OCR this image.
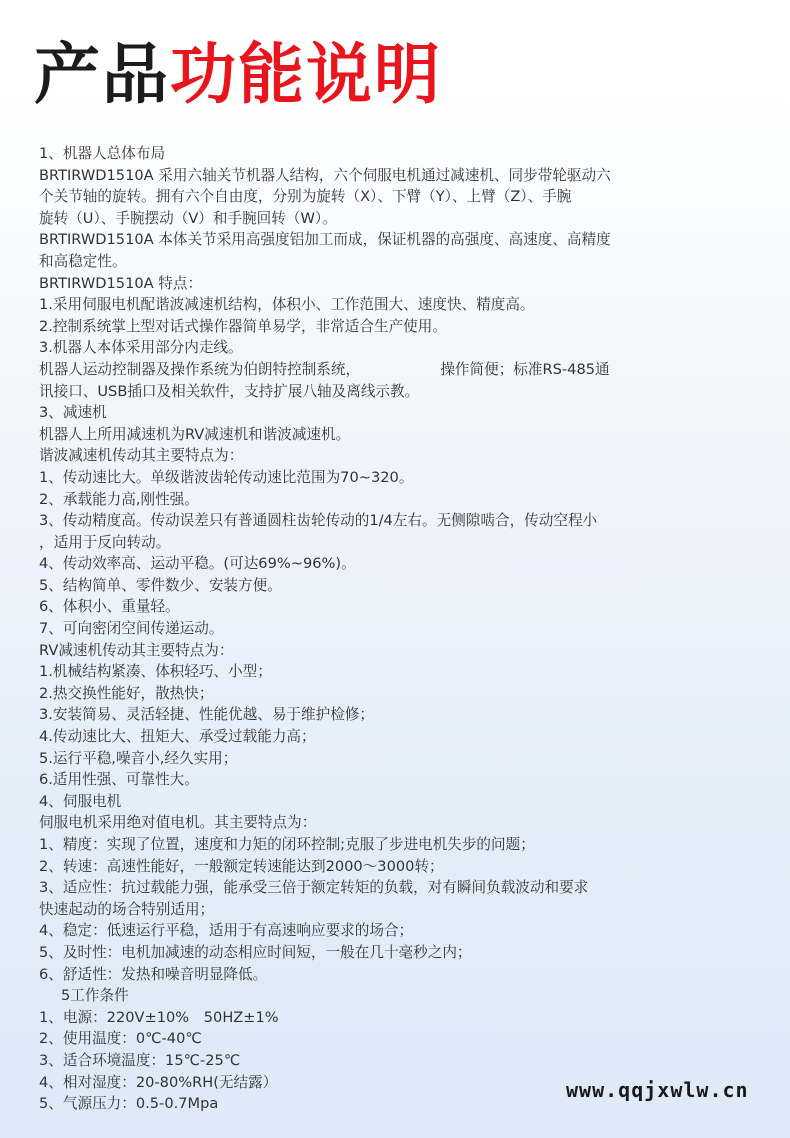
产品功能说明
1、机器人总体布局
BRTIRWD1510A 采用六轴关节机器人结构，六个伺服电机通过减速机、同步带轮驱动六
个关节轴的旋转。拥有六个自由度，分别为旋转（X）、下臂（Y）、上臂（Z）、手腕
旋转（U）、手腕摆动（V）和手腕回转（W）。
BRTIRWD1510A 本体关节采用高强度铝加工而成，保证机器的高强度、高速度、高精度
和高稳定性。
BRTIRWD1510A 特点：
1.采用伺服电机配谐波减速机结构，体积小、工作范围大、速度快、精度高。
2.控制系统掌上型对话式操作器简单易学，非常适合生产使用。
3.机器人本体采用部分内走线。
机器人运动控制器及操作系统为伯朗特控制系统，　　　　　　操作简便；标准RS-485通
讯接口、USB插口及相关软件，支持扩展八轴及离线示教。
3、减速机
机器人上所用减速机为RV减速机和谐波减速机。
谐波减速机传动其主要特点为：
1、传动速比大。单级谐波齿轮传动速比范围为70~320。
2、承载能力高,刚性强。
3、传动精度高。传动误差只有普通圆柱齿轮传动的1/4左右。无侧隙啮合，传动空程小
，适用于反向转动。
4、传动效率高、运动平稳。(可达69%~96%)。
5、结构简单、零件数少、安装方便。
6、体积小、重量轻。
7、可向密闭空间传递运动。
RV减速机传动其主要特点为：
1.机械结构紧凑、体积轻巧、小型；
2.热交换性能好，散热快；
3.安装简易、灵活轻捷、性能优越、易于维护检修；
4.传动速比大、扭矩大、承受过载能力高；
5.运行平稳,噪音小,经久实用；
6.适用性强、可靠性大。
4、伺服电机
伺服电机采用绝对值电机。其主要特点为：
1、精度：实现了位置，速度和力矩的闭环控制;克服了步进电机失步的问题；
2、转速：高速性能好，一般额定转速能达到2000～3000转；
3、适应性：抗过载能力强，能承受三倍于额定转矩的负载，对有瞬间负载波动和要求
快速起动的场合特别适用；
4、稳定：低速运行平稳，适用于有高速响应要求的场合；
5、及时性：电机加减速的动态相应时间短，一般在几十毫秒之内；
6、舒适性：发热和噪音明显降低。
5工作条件
1、电源：220V±10%　50HZ±1%
2、使用温度：0℃-40℃
3、适合环境温度：15℃-25℃
4、相对湿度：20-80%RH(无结露）
5、气源压力：0.5-0.7Mpa
www.qqjxwlw.cn
